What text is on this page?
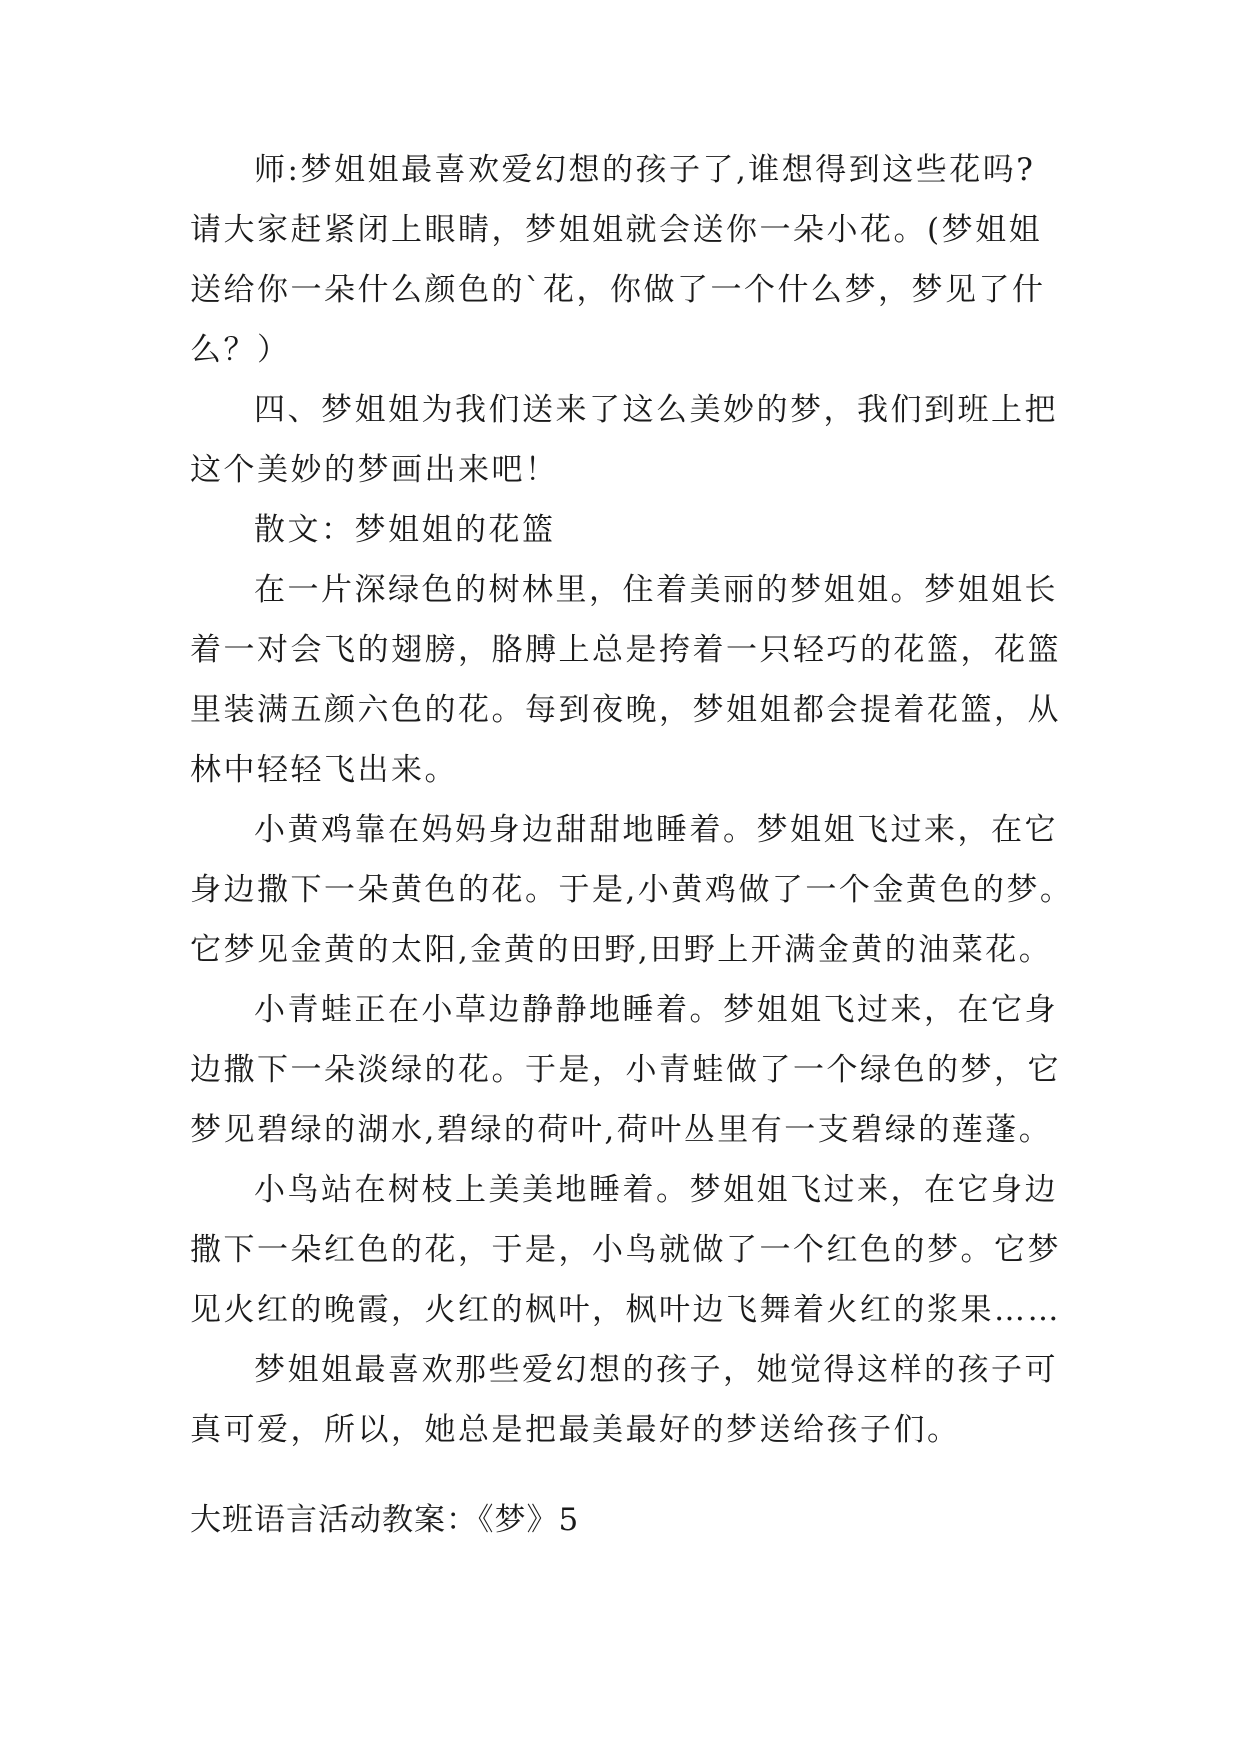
师:梦姐姐最喜欢爱幻想的孩子了,谁想得到这些花吗?
请大家赶紧闭上眼睛，梦姐姐就会送你一朵小花。(梦姐姐
送给你一朵什么颜色的`花，你做了一个什么梦，梦见了什
么？）
四、梦姐姐为我们送来了这么美妙的梦，我们到班上把
这个美妙的梦画出来吧！
散文：梦姐姐的花篮
在一片深绿色的树林里，住着美丽的梦姐姐。梦姐姐长
着一对会飞的翅膀，胳膊上总是挎着一只轻巧的花篮，花篮
里装满五颜六色的花。每到夜晚，梦姐姐都会提着花篮，从
林中轻轻飞出来。
小黄鸡靠在妈妈身边甜甜地睡着。梦姐姐飞过来，在它
身边撒下一朵黄色的花。于是,小黄鸡做了一个金黄色的梦。
它梦见金黄的太阳,金黄的田野,田野上开满金黄的油菜花。
小青蛙正在小草边静静地睡着。梦姐姐飞过来，在它身
边撒下一朵淡绿的花。于是，小青蛙做了一个绿色的梦，它
梦见碧绿的湖水,碧绿的荷叶,荷叶丛里有一支碧绿的莲蓬。
小鸟站在树枝上美美地睡着。梦姐姐飞过来，在它身边
撒下一朵红色的花，于是，小鸟就做了一个红色的梦。它梦
见火红的晚霞，火红的枫叶，枫叶边飞舞着火红的浆果……
梦姐姐最喜欢那些爱幻想的孩子，她觉得这样的孩子可
真可爱，所以，她总是把最美最好的梦送给孩子们。
大班语言活动教案：《梦》5
